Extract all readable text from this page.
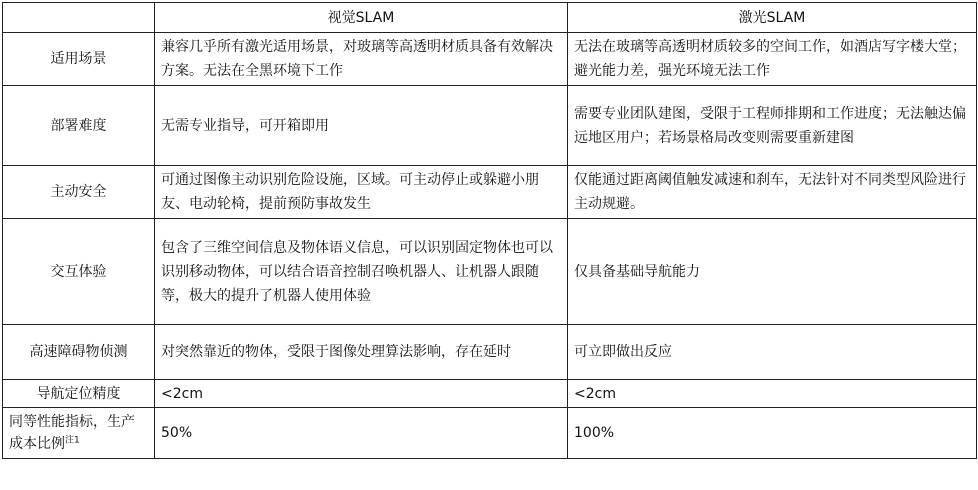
	视觉SLAM	激光SLAM
适用场景	兼容几乎所有激光适用场景，对玻璃等高透明材质具备有效解决方案。无法在全黑环境下工作	无法在玻璃等高透明材质较多的空间工作，如酒店写字楼大堂；避光能力差，强光环境无法工作
部署难度	无需专业指导，可开箱即用	需要专业团队建图，受限于工程师排期和工作进度；无法触达偏远地区用户；若场景格局改变则需要重新建图
主动安全	可通过图像主动识别危险设施，区域。可主动停止或躲避小朋友、电动轮椅，提前预防事故发生	仅能通过距离阈值触发减速和刹车，无法针对不同类型风险进行主动规避。
交互体验	包含了三维空间信息及物体语义信息，可以识别固定物体也可以识别移动物体，可以结合语音控制召唤机器人、让机器人跟随等，极大的提升了机器人使用体验	仅具备基础导航能力
高速障碍物侦测	对突然靠近的物体，受限于图像处理算法影响，存在延时	可立即做出反应
导航定位精度	<2cm	<2cm
同等性能指标，生产成本比例$^{注1}$	50%	100%
